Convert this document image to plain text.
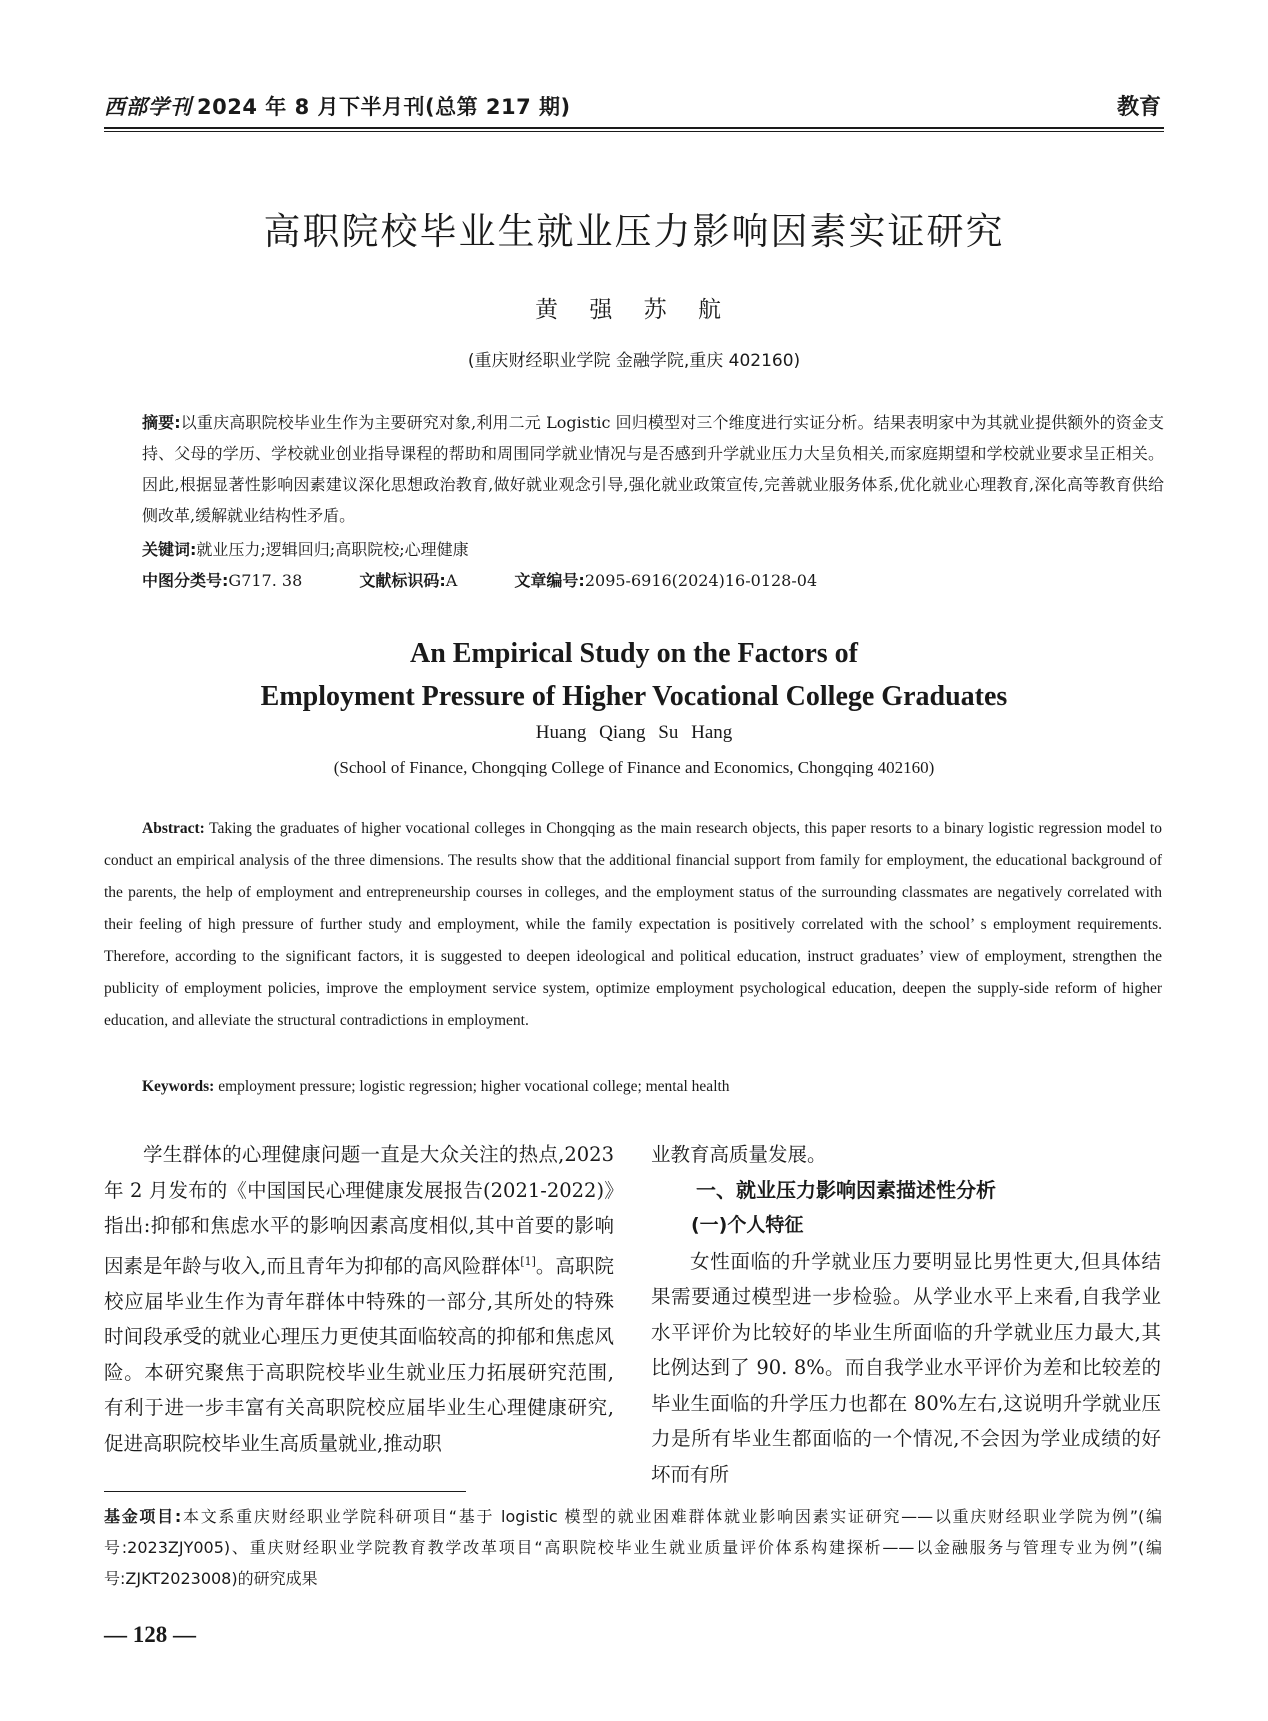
西部学刊 2024 年 8 月下半月刊(总第 217 期)	教育
高职院校毕业生就业压力影响因素实证研究
黄 强 苏 航
(重庆财经职业学院 金融学院,重庆 402160)
摘要:以重庆高职院校毕业生作为主要研究对象,利用二元 Logistic 回归模型对三个维度进行实证分析。结果表明家中为其就业提供额外的资金支持、父母的学历、学校就业创业指导课程的帮助和周围同学就业情况与是否感到升学就业压力大呈负相关,而家庭期望和学校就业要求呈正相关。因此,根据显著性影响因素建议深化思想政治教育,做好就业观念引导,强化就业政策宣传,完善就业服务体系,优化就业心理教育,深化高等教育供给侧改革,缓解就业结构性矛盾。
关键词:就业压力;逻辑回归;高职院校;心理健康
中图分类号:G717. 38	文献标识码:A	文章编号:2095-6916(2024)16-0128-04
An Empirical Study on the Factors of
Employment Pressure of Higher Vocational College Graduates
Huang Qiang Su Hang
(School of Finance, Chongqing College of Finance and Economics, Chongqing 402160)
Abstract: Taking the graduates of higher vocational colleges in Chongqing as the main research objects, this paper resorts to a binary logistic regression model to conduct an empirical analysis of the three dimensions. The results show that the additional financial support from family for employment, the educational background of the parents, the help of employment and entrepreneurship courses in colleges, and the employment status of the surrounding classmates are negatively correlated with their feeling of high pressure of further study and employment, while the family expectation is positively correlated with the school’ s employment requirements. Therefore, according to the significant factors, it is suggested to deepen ideological and political education, instruct graduates’ view of employment, strengthen the publicity of employment policies, improve the employment service system, optimize employment psychological education, deepen the supply-side reform of higher education, and alleviate the structural contradictions in employment.
Keywords: employment pressure; logistic regression; higher vocational college; mental health

学生群体的心理健康问题一直是大众关注的热点,2023 年 2 月发布的《中国国民心理健康发展报告(2021-2022)》指出:抑郁和焦虑水平的影响因素高度相似,其中首要的影响因素是年龄与收入,而且青年为抑郁的高风险群体[1]。高职院校应届毕业生作为青年群体中特殊的一部分,其所处的特殊时间段承受的就业心理压力更使其面临较高的抑郁和焦虑风险。本研究聚焦于高职院校毕业生就业压力拓展研究范围,有利于进一步丰富有关高职院校应届毕业生心理健康研究,促进高职院校毕业生高质量就业,推动职

业教育高质量发展。

一、就业压力影响因素描述性分析

(一)个人特征

女性面临的升学就业压力要明显比男性更大,但具体结果需要通过模型进一步检验。从学业水平上来看,自我学业水平评价为比较好的毕业生所面临的升学就业压力最大,其比例达到了 90. 8%。而自我学业水平评价为差和比较差的毕业生面临的升学压力也都在 80%左右,这说明升学就业压力是所有毕业生都面临的一个情况,不会因为学业成绩的好坏而有所

基金项目:本文系重庆财经职业学院科研项目“基于 logistic 模型的就业困难群体就业影响因素实证研究——以重庆财经职业学院为例”(编号:2023ZJY005)、重庆财经职业学院教育教学改革项目“高职院校毕业生就业质量评价体系构建探析——以金融服务与管理专业为例”(编号:ZJKT2023008)的研究成果
— 128 —
